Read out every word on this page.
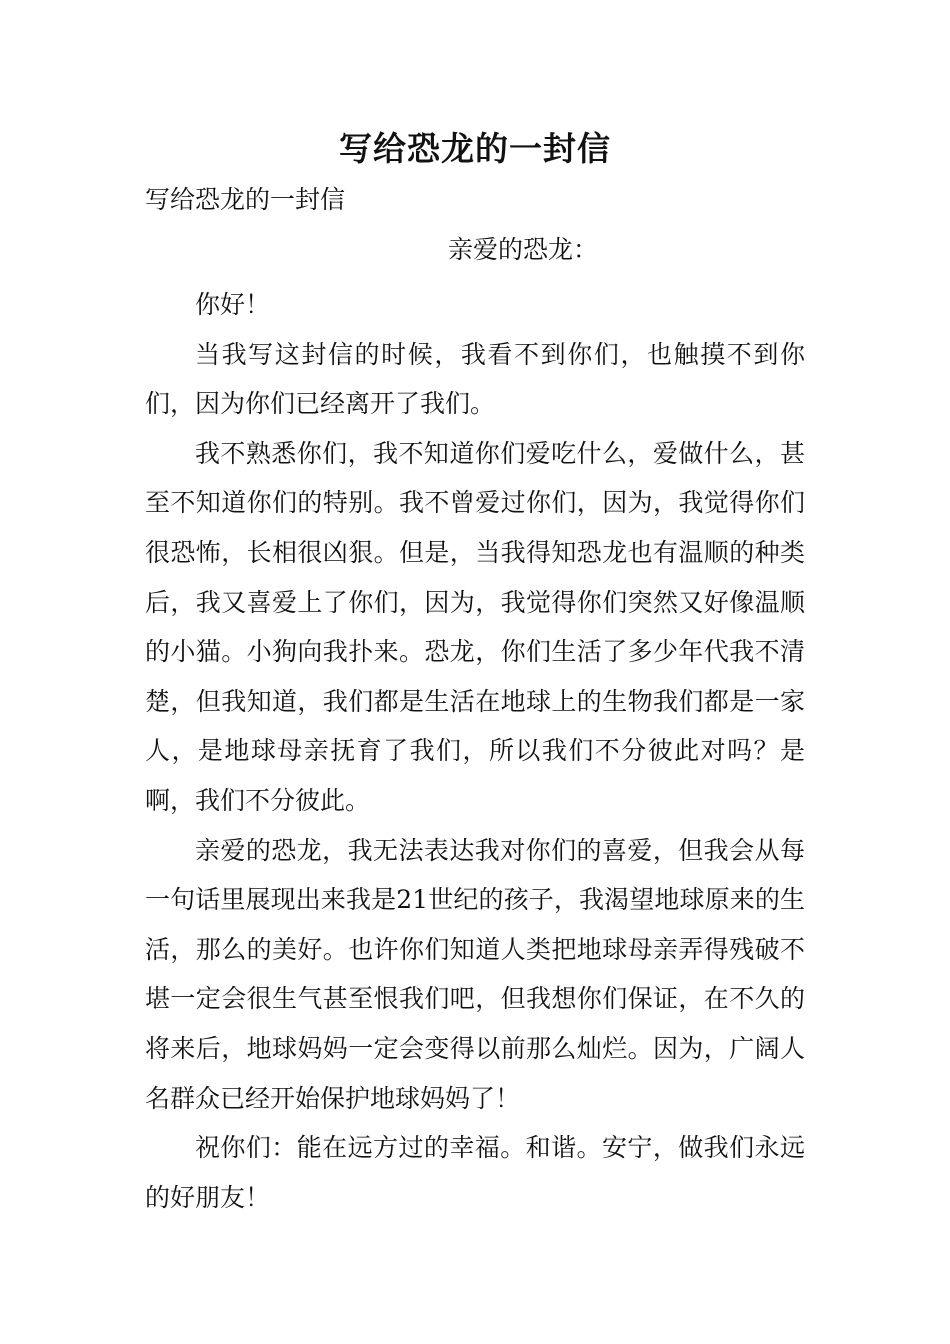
写给恐龙的一封信
写给恐龙的一封信
亲爱的恐龙：

你好！

当我写这封信的时候，我看不到你们，也触摸不到你们，因为你们已经离开了我们。

我不熟悉你们，我不知道你们爱吃什么，爱做什么，甚至不知道你们的特别。我不曾爱过你们，因为，我觉得你们很恐怖，长相很凶狠。但是，当我得知恐龙也有温顺的种类后，我又喜爱上了你们，因为，我觉得你们突然又好像温顺的小猫。小狗向我扑来。恐龙，你们生活了多少年代我不清楚，但我知道，我们都是生活在地球上的生物我们都是一家人，是地球母亲抚育了我们，所以我们不分彼此对吗？是啊，我们不分彼此。

亲爱的恐龙，我无法表达我对你们的喜爱，但我会从每一句话里展现出来我是21世纪的孩子，我渴望地球原来的生活，那么的美好。也许你们知道人类把地球母亲弄得残破不堪一定会很生气甚至恨我们吧，但我想你们保证，在不久的将来后，地球妈妈一定会变得以前那么灿烂。因为，广阔人名群众已经开始保护地球妈妈了！

祝你们：能在远方过的幸福。和谐。安宁，做我们永远的好朋友！
